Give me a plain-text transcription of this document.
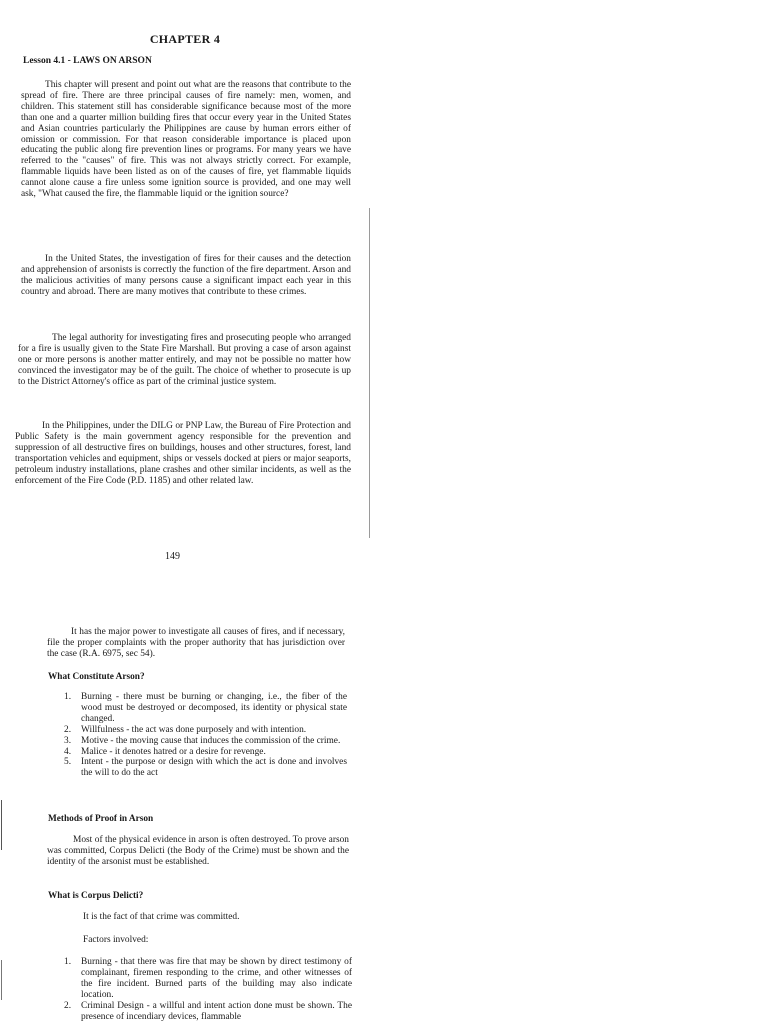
CHAPTER 4
Lesson 4.1 - LAWS ON ARSON

This chapter will present and point out what are the reasons that contribute to the spread of fire. There are three principal causes of fire namely: men, women, and children. This statement still has considerable significance because most of the more than one and a quarter million building fires that occur every year in the United States and Asian countries particularly the Philippines are cause by human errors either of omission or commission. For that reason considerable importance is placed upon educating the public along fire prevention lines or programs. For many years we have referred to the "causes" of fire. This was not always strictly correct. For example, flammable liquids have been listed as on of the causes of fire, yet flammable liquids cannot alone cause a fire unless some ignition source is provided, and one may well ask, "What caused the fire, the flammable liquid or the ignition source?

In the United States, the investigation of fires for their causes and the detection and apprehension of arsonists is correctly the function of the fire department. Arson and the malicious activities of many persons cause a significant impact each year in this country and abroad. There are many motives that contribute to these crimes.

The legal authority for investigating fires and prosecuting people who arranged for a fire is usually given to the State Fire Marshall. But proving a case of arson against one or more persons is another matter entirely, and may not be possible no matter how convinced the investigator may be of the guilt. The choice of whether to prosecute is up to the District Attorney's office as part of the criminal justice system.

In the Philippines, under the DILG or PNP Law, the Bureau of Fire Protection and Public Safety is the main government agency responsible for the prevention and suppression of all destructive fires on buildings, houses and other structures, forest, land transportation vehicles and equipment, ships or vessels docked at piers or major seaports, petroleum industry installations, plane crashes and other similar incidents, as well as the enforcement of the Fire Code (P.D. 1185) and other related law.

149

It has the major power to investigate all causes of fires, and if necessary, file the proper complaints with the proper authority that has jurisdiction over the case (R.A. 6975, sec 54).

What Constitute Arson?
1. Burning - there must be burning or changing, i.e., the fiber of the wood must be destroyed or decomposed, its identity or physical state changed.
2. Willfulness - the act was done purposely and with intention.
3. Motive - the moving cause that induces the commission of the crime.
4. Malice - it denotes hatred or a desire for revenge.
5. Intent - the purpose or design with which the act is done and involves the will to do the act
Methods of Proof in Arson

Most of the physical evidence in arson is often destroyed. To prove arson was committed, Corpus Delicti (the Body of the Crime) must be shown and the identity of the arsonist must be established.

What is Corpus Delicti?

It is the fact of that crime was committed.

Factors involved:

1. Burning - that there was fire that may be shown by direct testimony of complainant, firemen responding to the crime, and other witnesses of the fire incident. Burned parts of the building may also indicate location.
2. Criminal Design - a willful and intent action done must be shown. The presence of incendiary devices, flammable
